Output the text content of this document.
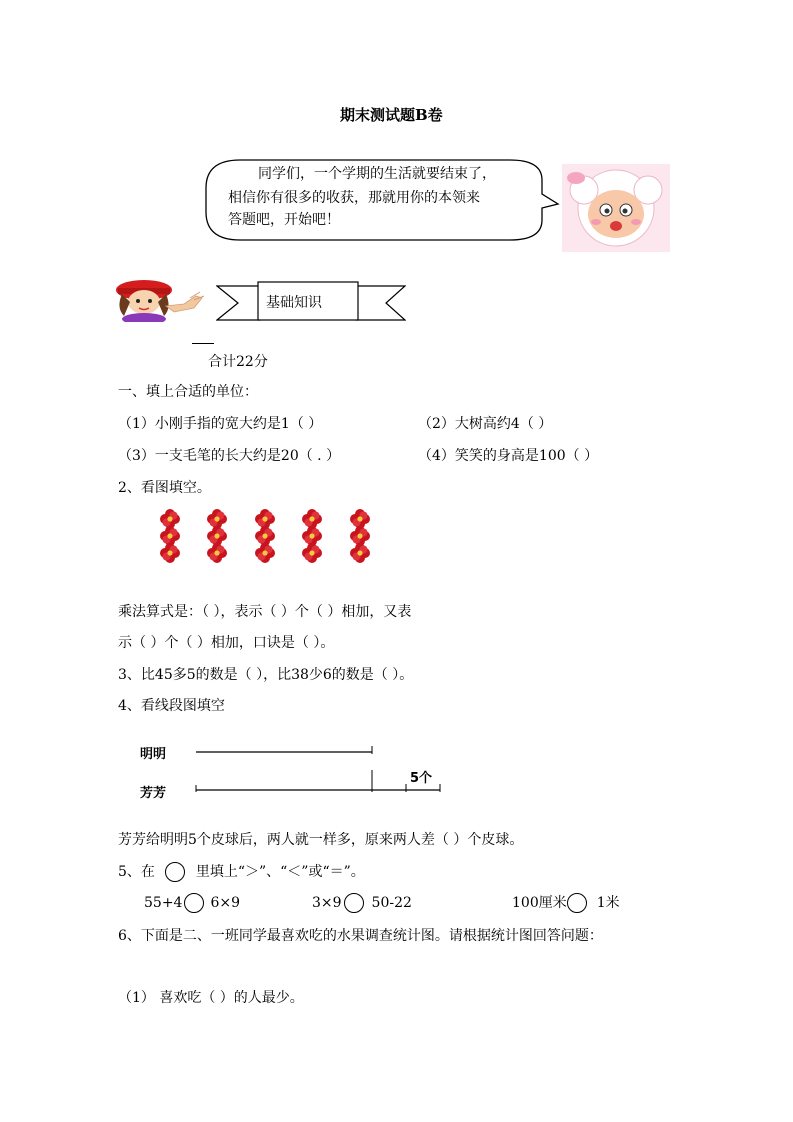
期末测试题B卷
同学们，一个学期的生活就要结束了，
相信你有很多的收获，那就用你的本领来
答题吧，开始吧！
基础知识
合计22分
一、填上合适的单位：
（1）小刚手指的宽大约是1（ ）	（2）大树高约4（ ）
（3）一支毛笔的长大约是20（ . ）	（4）笑笑的身高是100（ ）
2、看图填空。
乘法算式是：（ ），表示（ ）个（ ）相加，又表
示（ ）个（ ）相加，口诀是（ ）。
3、比45多5的数是（ ），比38少6的数是（ ）。
4、看线段图填空
明明
芳芳
5个
芳芳给明明5个皮球后，两人就一样多，原来两人差（ ）个皮球。
5、在	里填上“＞”、“＜”或“＝”。
55+4 6×9	3×9 50-22	100厘米 1米
6、下面是二、一班同学最喜欢吃的水果调查统计图。请根据统计图回答问题：
（1） 喜欢吃（ ）的人最少。
